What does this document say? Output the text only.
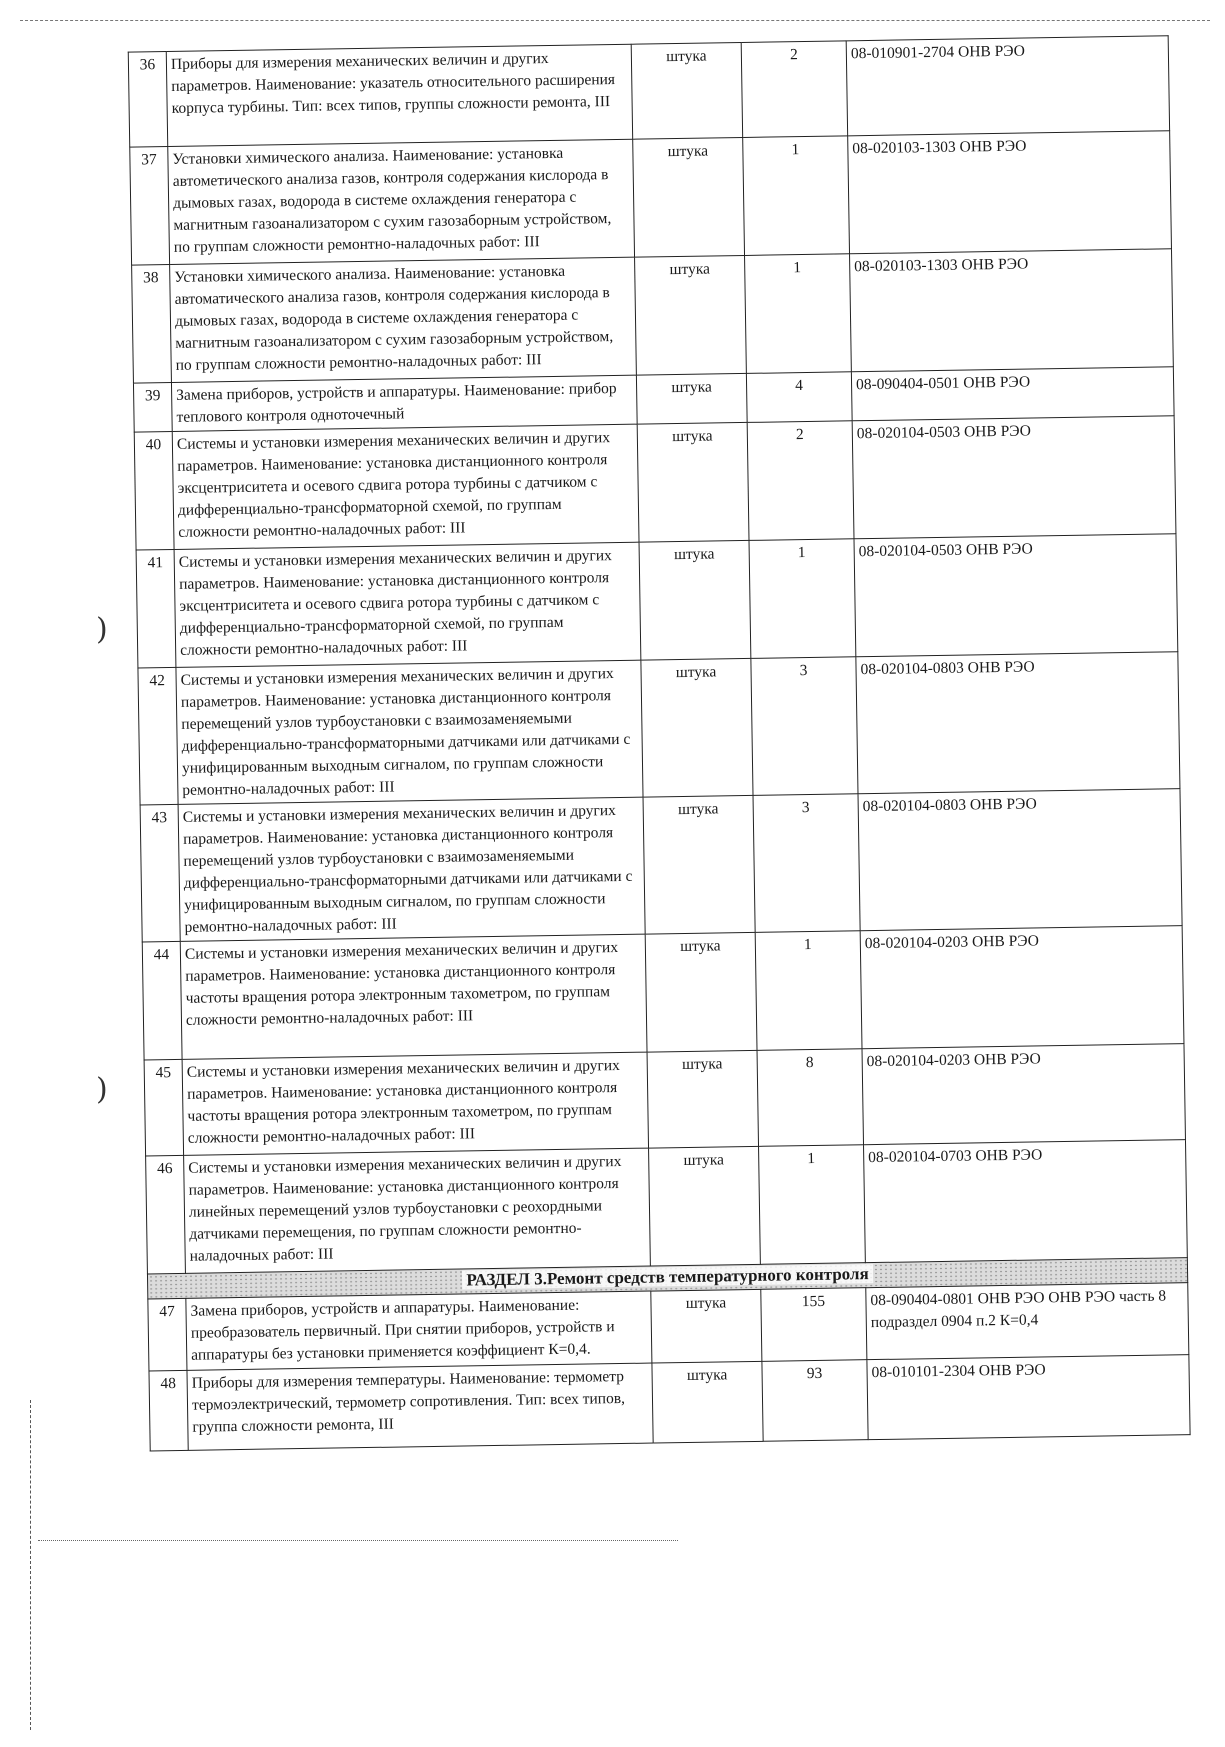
)
)
36	Приборы для измерения механических величин и других параметров. Наименование: указатель относительного расширения корпуса турбины. Тип: всех типов, группы сложности ремонта, III	штука	2	08-010901-2704 ОНВ РЭО
37	Установки химического анализа. Наименование: установка автометического анализа газов, контроля содержания кислорода в дымовых газах, водорода в системе охлаждения генератора с магнитным газоанализатором с сухим газозаборным устройством, по группам сложности ремонтно-наладочных работ: III	штука	1	08-020103-1303 ОНВ РЭО
38	Установки химического анализа. Наименование: установка автоматического анализа газов, контроля содержания кислорода в дымовых газах, водорода в системе охлаждения генератора с магнитным газоанализатором с сухим газозаборным устройством, по группам сложности ремонтно-наладочных работ: III	штука	1	08-020103-1303 ОНВ РЭО
39	Замена приборов, устройств и аппаратуры. Наименование: прибор теплового контроля одноточечный	штука	4	08-090404-0501 ОНВ РЭО
40	Системы и установки измерения механических величин и других параметров. Наименование: установка дистанционного контроля эксцентриситета и осевого сдвига ротора турбины с датчиком с дифференциально-трансформаторной схемой, по группам сложности ремонтно-наладочных работ: III	штука	2	08-020104-0503 ОНВ РЭО
41	Системы и установки измерения механических величин и других параметров. Наименование: установка дистанционного контроля эксцентриситета и осевого сдвига ротора турбины с датчиком с дифференциально-трансформаторной схемой, по группам сложности ремонтно-наладочных работ: III	штука	1	08-020104-0503 ОНВ РЭО
42	Системы и установки измерения механических величин и других параметров. Наименование: установка дистанционного контроля перемещений узлов турбоустановки с взаимозаменяемыми дифференциально-трансформаторными датчиками или датчиками с унифицированным выходным сигналом, по группам сложности ремонтно-наладочных работ: III	штука	3	08-020104-0803 ОНВ РЭО
43	Системы и установки измерения механических величин и других параметров. Наименование: установка дистанционного контроля перемещений узлов турбоустановки с взаимозаменяемыми дифференциально-трансформаторными датчиками или датчиками с унифицированным выходным сигналом, по группам сложности ремонтно-наладочных работ: III	штука	3	08-020104-0803 ОНВ РЭО
44	Системы и установки измерения механических величин и других параметров. Наименование: установка дистанционного контроля частоты вращения ротора электронным тахометром, по группам сложности ремонтно-наладочных работ: III	штука	1	08-020104-0203 ОНВ РЭО
45	Системы и установки измерения механических величин и других параметров. Наименование: установка дистанционного контроля частоты вращения ротора электронным тахометром, по группам сложности ремонтно-наладочных работ: III	штука	8	08-020104-0203 ОНВ РЭО
46	Системы и установки измерения механических величин и других параметров. Наименование: установка дистанционного контроля линейных перемещений узлов турбоустановки с реохордными датчиками перемещения, по группам сложности ремонтно-наладочных работ: III	штука	1	08-020104-0703 ОНВ РЭО
РАЗДЕЛ 3.Ремонт средств температурного контроля				
47	Замена приборов, устройств и аппаратуры. Наименование: преобразователь первичный. При снятии приборов, устройств и аппаратуры без установки применяется коэффициент К=0,4.	штука	155	08-090404-0801 ОНВ РЭО ОНВ РЭО часть 8 подраздел 0904 п.2 К=0,4
48	Приборы для измерения температуры. Наименование: термометр термоэлектрический, термометр сопротивления. Тип: всех типов, группа сложности ремонта, III	штука	93	08-010101-2304 ОНВ РЭО
